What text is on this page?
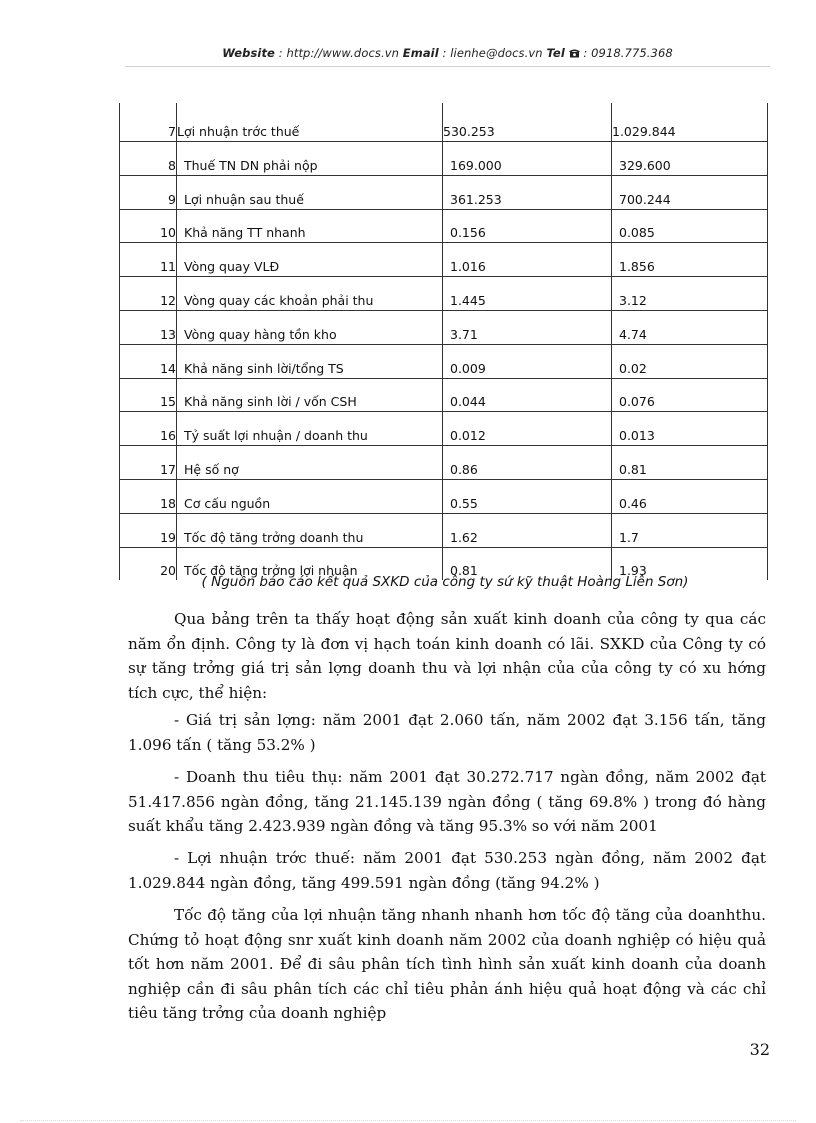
Website : http://www.docs.vn Email : lienhe@docs.vn Tel : 0918.775.368
7	Lợi nhuận trớc thuế	530.253	1.029.844
8	Thuế TN DN phải nộp	169.000	329.600
9	Lợi nhuận sau thuế	361.253	700.244
10	Khả năng TT nhanh	0.156	0.085
11	Vòng quay VLĐ	1.016	1.856
12	Vòng quay các khoản phải thu	1.445	3.12
13	Vòng quay hàng tồn kho	3.71	4.74
14	Khả năng sinh lời/tổng TS	0.009	0.02
15	Khả năng sinh lời / vốn CSH	0.044	0.076
16	Tỷ suất lợi nhuận / doanh thu	0.012	0.013
17	Hệ số nợ	0.86	0.81
18	Cơ cấu nguồn	0.55	0.46
19	Tốc độ tăng trởng doanh thu	1.62	1.7
20	Tốc độ tăng trởng lợi nhuận	0.81	1.93
( Nguồn báo cáo kết quả SXKD của công ty sứ kỹ thuật Hoàng Liên Sơn)

Qua bảng trên ta thấy hoạt động sản xuất kinh doanh của công ty qua các năm ổn định. Công ty là đơn vị hạch toán kinh doanh có lãi. SXKD của Công ty có sự tăng trởng giá trị sản lợng doanh thu và lợi nhận của của công ty có xu hớng tích cực, thể hiện:

- Giá trị sản lợng: năm 2001 đạt 2.060 tấn, năm 2002 đạt 3.156 tấn, tăng 1.096 tấn ( tăng 53.2% )

- Doanh thu tiêu thụ: năm 2001 đạt 30.272.717 ngàn đồng, năm 2002 đạt 51.417.856 ngàn đồng, tăng 21.145.139 ngàn đồng ( tăng 69.8% ) trong đó hàng suất khẩu tăng 2.423.939 ngàn đồng và tăng 95.3% so với năm 2001

- Lợi nhuận trớc thuế: năm 2001 đạt 530.253 ngàn đồng, năm 2002 đạt 1.029.844 ngàn đồng, tăng 499.591 ngàn đồng (tăng 94.2% )

Tốc độ tăng của lợi nhuận tăng nhanh nhanh hơn tốc độ tăng của doanhthu. Chứng tỏ hoạt động snr xuất kinh doanh năm 2002 của doanh nghiệp có hiệu quả tốt hơn năm 2001. Để đi sâu phân tích tình hình sản xuất kinh doanh của doanh nghiệp cần đi sâu phân tích các chỉ tiêu phản ánh hiệu quả hoạt động và các chỉ tiêu tăng trởng của doanh nghiệp

32
